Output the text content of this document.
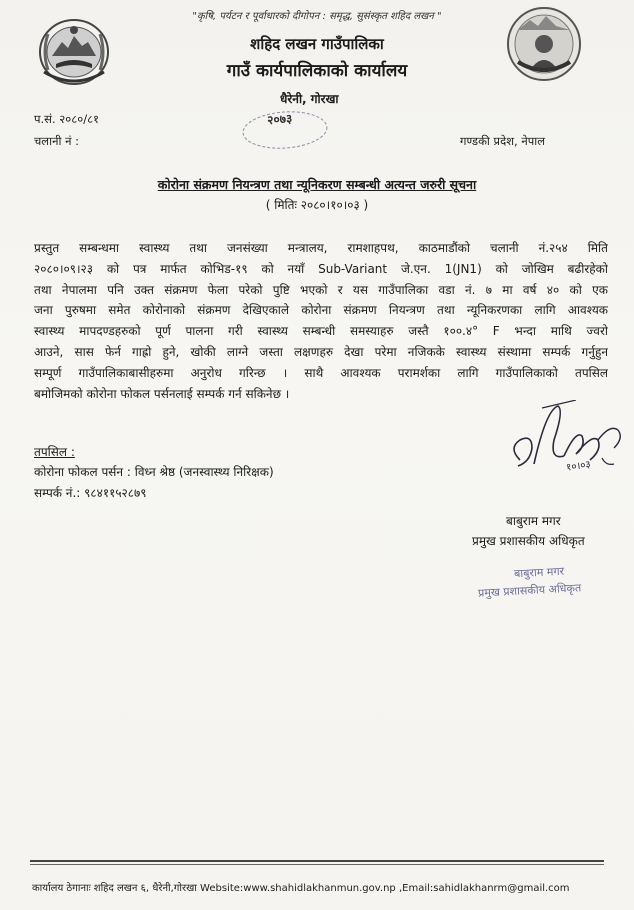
"कृषि, पर्यटन र पूर्वाधारको दीगोपन : समृद्ध, सुसंस्कृत शहिद लखन "
शहिद लखन गाउँपालिका
गाउँ कार्यपालिकाको कार्यालय
धैरेनी, गोरखा
प.सं. २०८०/८१
चलानी नं :	गण्डकी प्रदेश, नेपाल
२०७३
कोरोना संक्रमण नियन्त्रण तथा न्यूनिकरण सम्बन्धी अत्यन्त जरुरी सूचना
( मितिः २०८०।१०।०३ )
प्रस्तुत सम्बन्धमा स्वास्थ्य तथा जनसंख्या मन्त्रालय, रामशाहपथ, काठमाडौंको चलानी नं.२५४ मिति
२०८०।०९।२३ को पत्र मार्फत कोभिड-१९ को नयाँ Sub-Variant जे.एन. 1(JN1) को जोखिम बढीरहेको
तथा नेपालमा पनि उक्त संक्रमण फेला परेको पुष्टि भएको र यस गाउँपालिका वडा नं. ७ मा वर्ष ४० को एक
जना पुरुषमा समेत कोरोनाको संक्रमण देखिएकाले कोरोना संक्रमण नियन्त्रण तथा न्यूनिकरणका लागि आवश्यक
स्वास्थ्य मापदण्डहरुको पूर्ण पालना गरी स्वास्थ्य सम्बन्धी समस्याहरु जस्तै १००.४° F भन्दा माथि ज्वरो
आउने, सास फेर्न गाह्रो हुने, खोकी लाग्ने जस्ता लक्षणहरु देखा परेमा नजिकके स्वास्थ्य संस्थामा सम्पर्क गर्नुहुन
सम्पूर्ण गाउँपालिकाबासीहरुमा अनुरोध गरिन्छ । साथै आवश्यक परामर्शका लागि गाउँपालिकाको तपसिल
बमोजिमको कोरोना फोकल पर्सनलाई सम्पर्क गर्न सकिनेछ ।
तपसिल :
कोरोना फोकल पर्सन : विध्न श्रेष्ठ (जनस्वास्थ्य निरिक्षक)
सम्पर्क नं.: ९८४११५२८७९
१०।०३
बाबुराम मगर
प्रमुख प्रशासकीय अधिकृत
बाबुराम मगर
प्रमुख प्रशासकीय अधिकृत
कार्यालय ठेगानाः शहिद लखन ६, धैरेनी,गोरखा Website:www.shahidlakhanmun.gov.np ,Email:sahidlakhanrm@gmail.com
